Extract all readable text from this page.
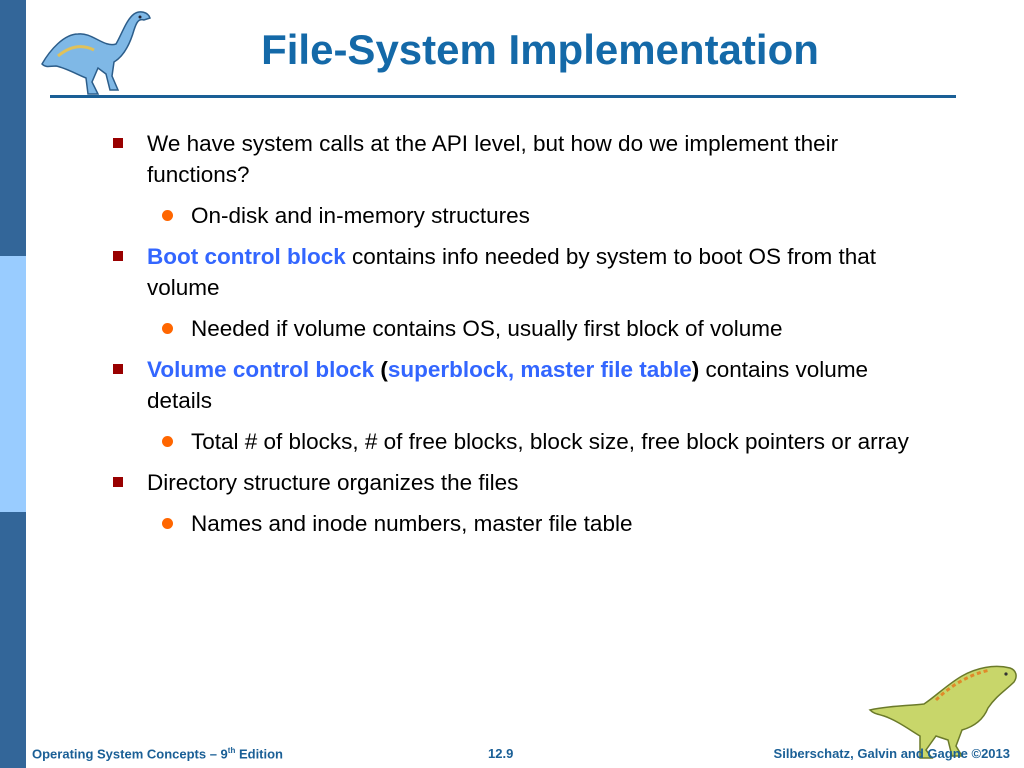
File-System Implementation
We have system calls at the API level, but how do we implement their functions?
On-disk and in-memory structures
Boot control block contains info needed by system to boot OS from that volume
Needed if volume contains OS, usually first block of volume
Volume control block (superblock, master file table) contains volume details
Total # of blocks, # of free blocks, block size, free block pointers or array
Directory structure organizes the files
Names and inode numbers, master file table
Operating System Concepts – 9th Edition	12.9	Silberschatz, Galvin and Gagne ©2013
